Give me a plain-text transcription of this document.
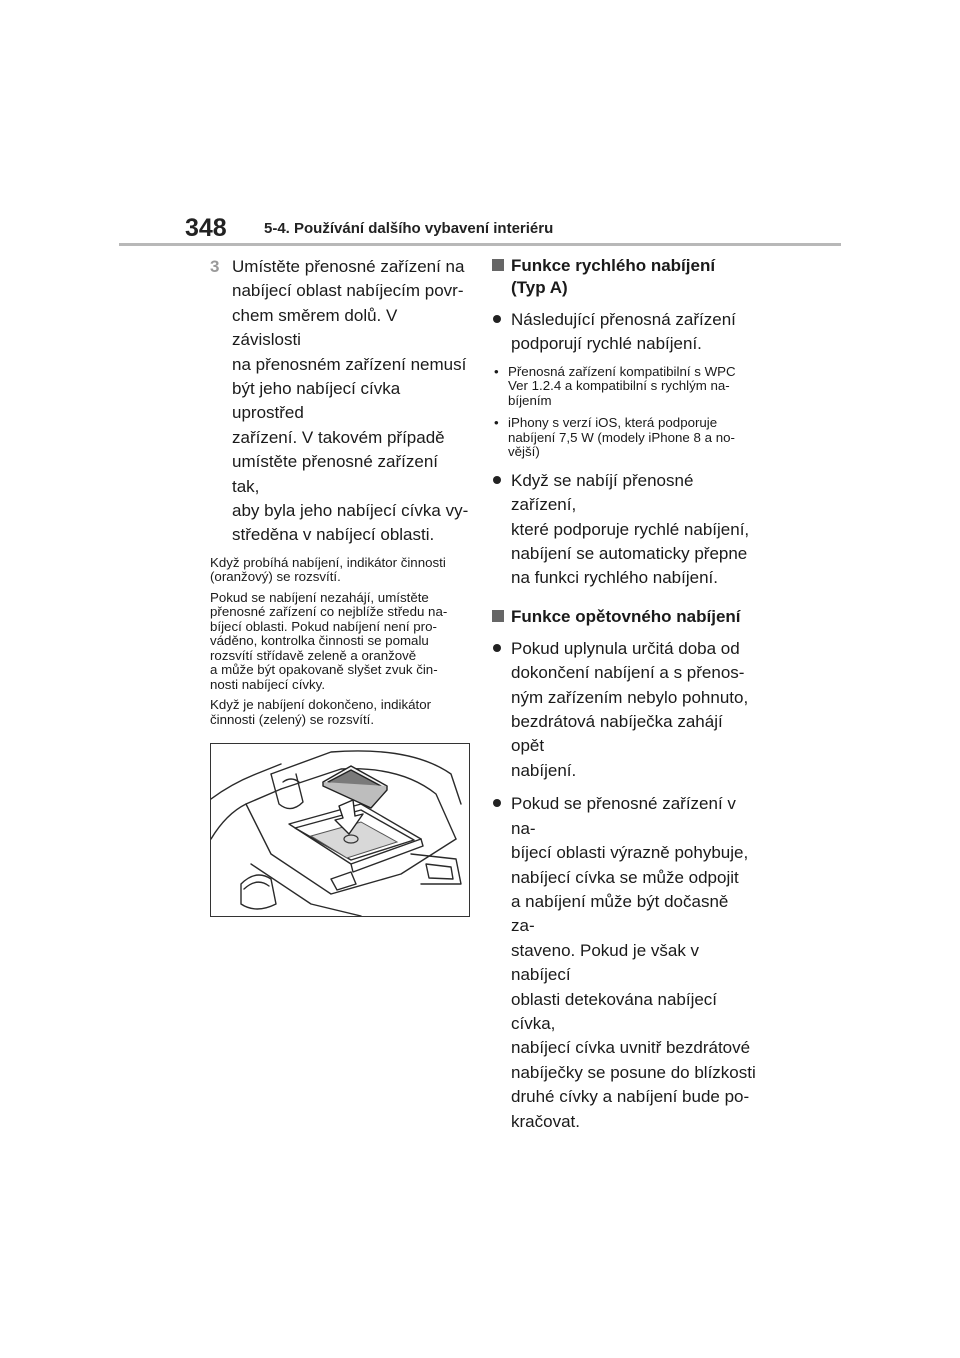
348 5-4. Používání dalšího vybavení interiéru
3 Umístěte přenosné zařízení na
nabíjecí oblast nabíjecím povr-
chem směrem dolů. V závislosti
na přenosném zařízení nemusí
být jeho nabíjecí cívka uprostřed
zařízení. V takovém případě
umístěte přenosné zařízení tak,
aby byla jeho nabíjecí cívka vy-
středěna v nabíjecí oblasti.
Když probíhá nabíjení, indikátor činnosti
(oranžový) se rozsvítí.
Pokud se nabíjení nezahájí, umístěte
přenosné zařízení co nejblíže středu na-
bíjecí oblasti. Pokud nabíjení není pro-
váděno, kontrolka činnosti se pomalu
rozsvítí střídavě zeleně a oranžově
a může být opakovaně slyšet zvuk čin-
nosti nabíjecí cívky.
Když je nabíjení dokončeno, indikátor
činnosti (zelený) se rozsvítí.
Funkce rychlého nabíjení
(Typ A)
Následující přenosná zařízení
podporují rychlé nabíjení.
• Přenosná zařízení kompatibilní s WPC
Ver 1.2.4 a kompatibilní s rychlým na-
bíjením
• iPhony s verzí iOS, která podporuje
nabíjení 7,5 W (modely iPhone 8 a no-
vější)
Když se nabíjí přenosné zařízení,
které podporuje rychlé nabíjení,
nabíjení se automaticky přepne
na funkci rychlého nabíjení.
Funkce opětovného nabíjení
Pokud uplynula určitá doba od
dokončení nabíjení a s přenos-
ným zařízením nebylo pohnuto,
bezdrátová nabíječka zahájí opět
nabíjení.
Pokud se přenosné zařízení v na-
bíjecí oblasti výrazně pohybuje,
nabíjecí cívka se může odpojit
a nabíjení může být dočasně za-
staveno. Pokud je však v nabíjecí
oblasti detekována nabíjecí cívka,
nabíjecí cívka uvnitř bezdrátové
nabíječky se posune do blízkosti
druhé cívky a nabíjení bude po-
kračovat.
